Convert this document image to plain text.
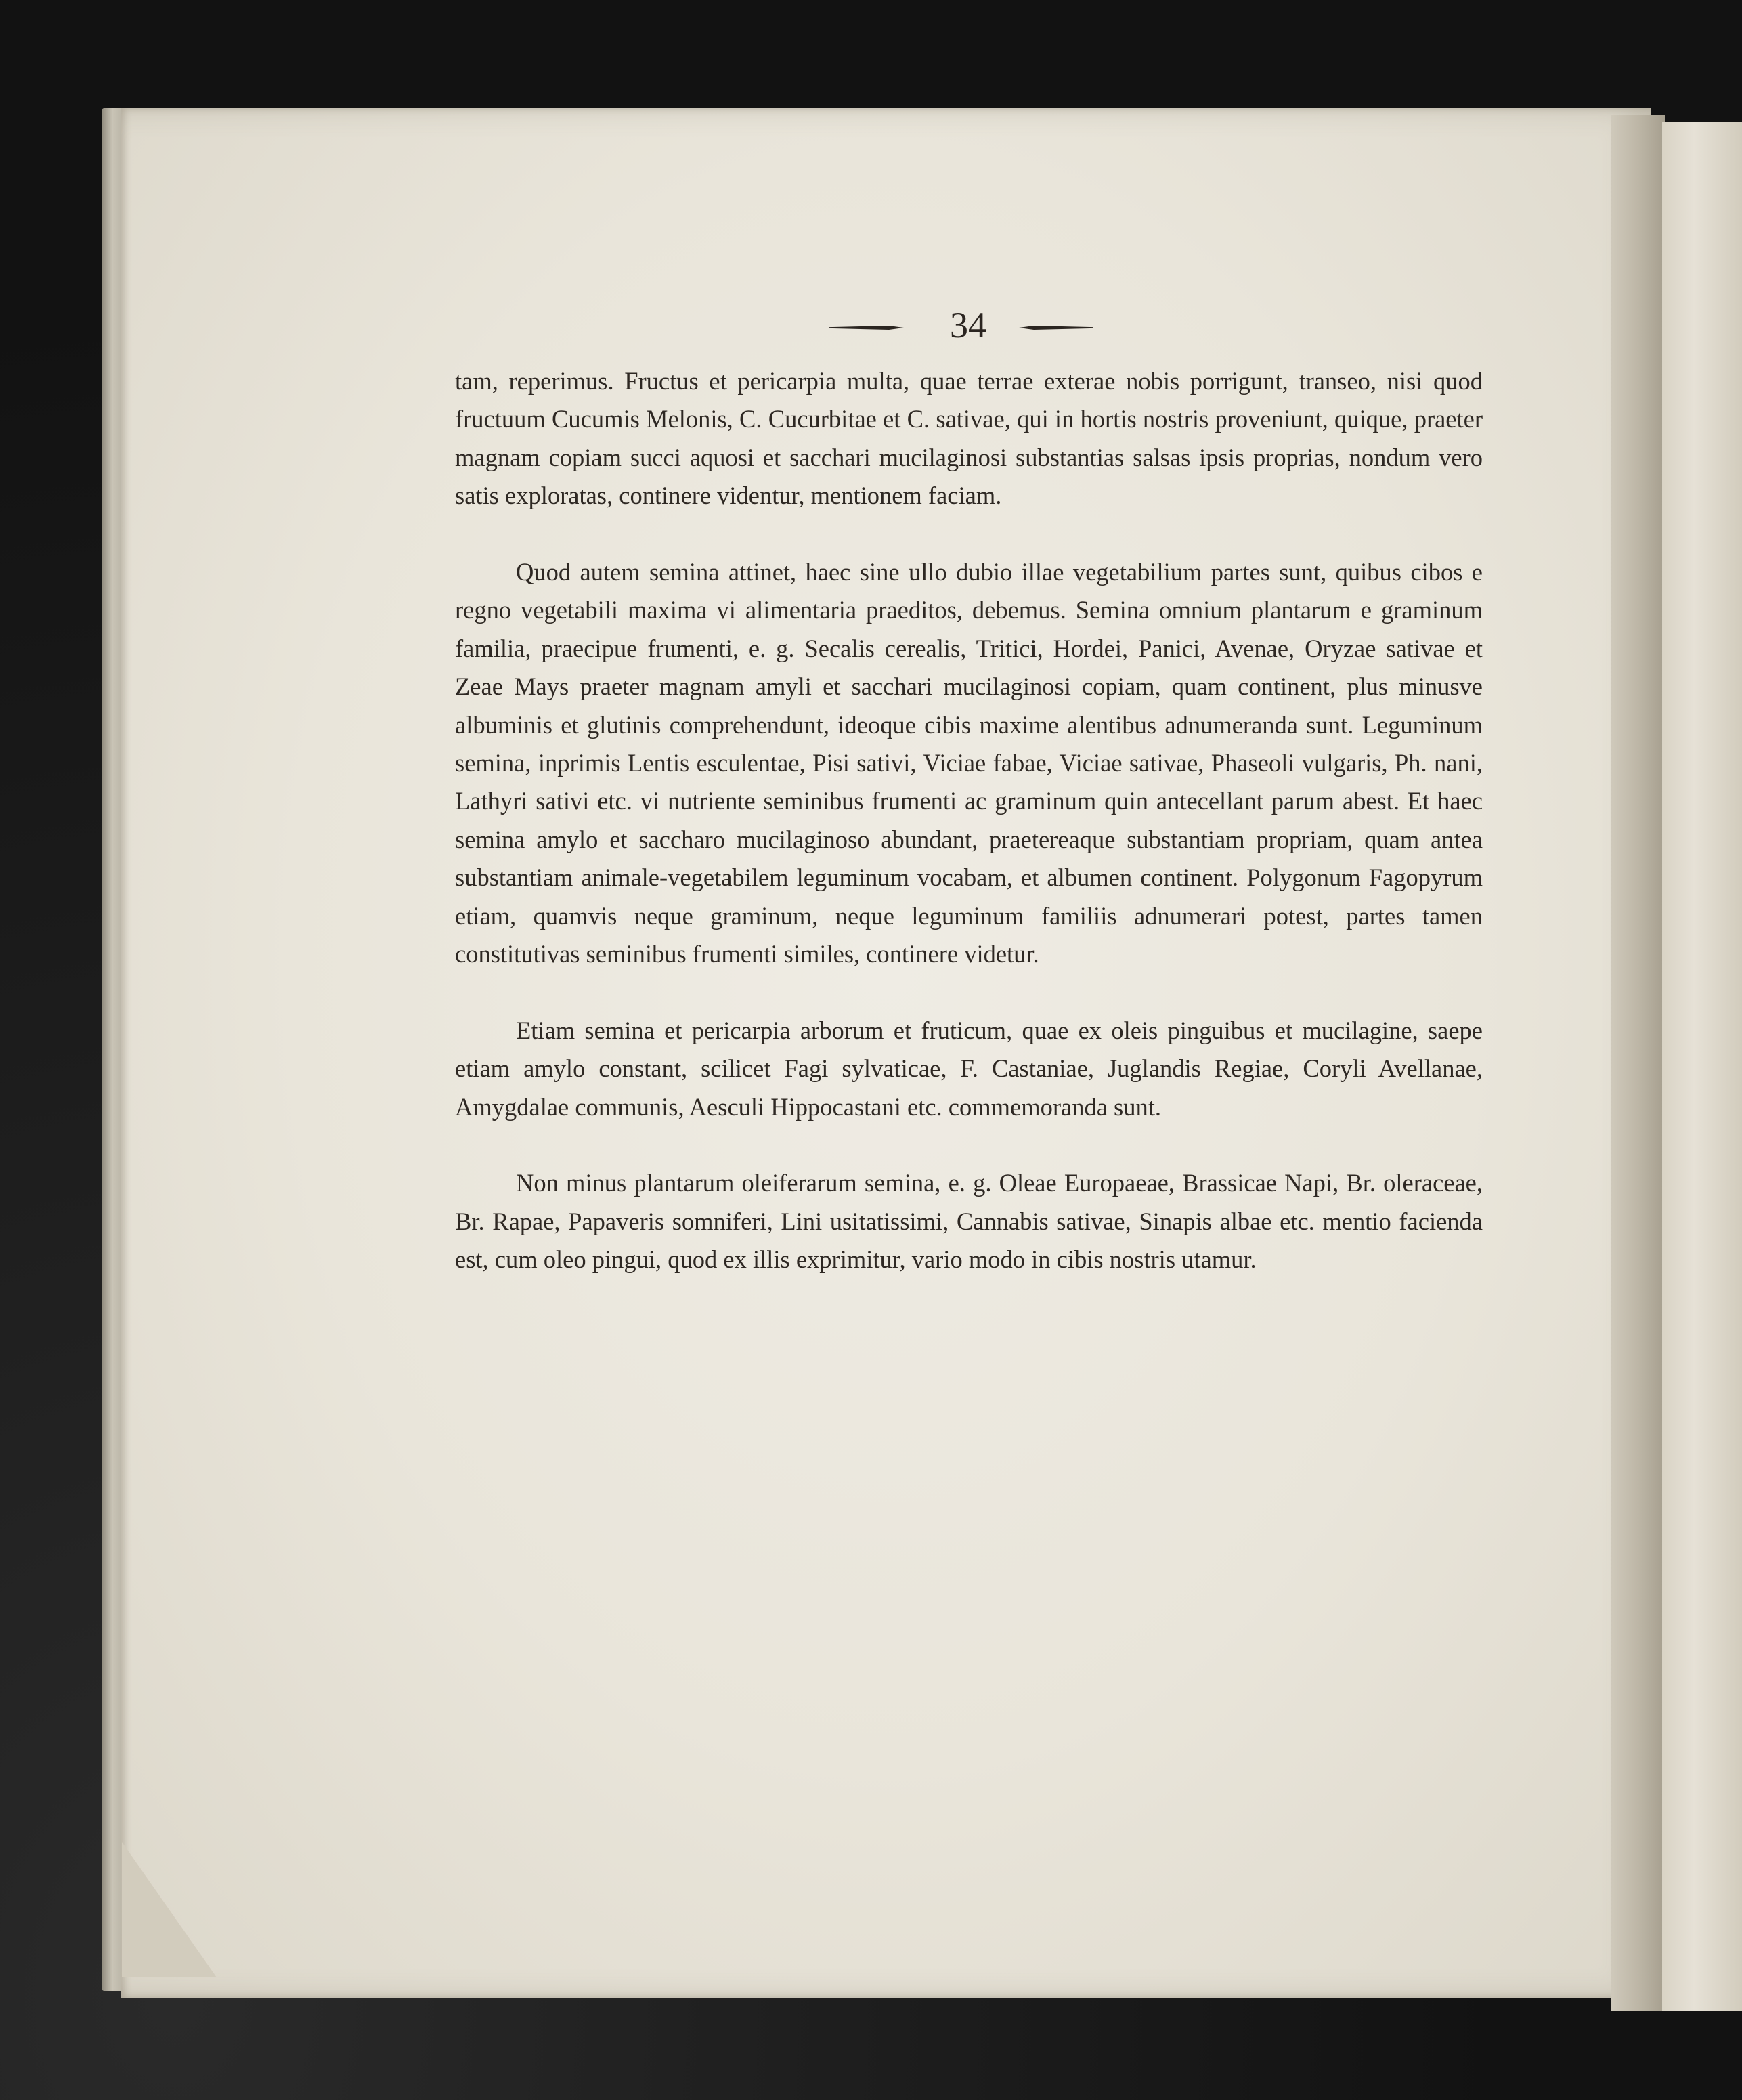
34

tam, reperimus. Fructus et pericarpia multa, quae terrae exterae nobis porrigunt, transeo, nisi quod fructuum Cucumis Melonis, C. Cucurbitae et C. sativae, qui in hortis nostris proveniunt, quique, praeter magnam copiam succi aquosi et sacchari mucilaginosi substantias salsas ipsis proprias, nondum vero satis exploratas, continere videntur, mentionem faciam.

Quod autem semina attinet, haec sine ullo dubio illae vegetabilium partes sunt, quibus cibos e regno vegetabili maxima vi alimentaria praeditos, debemus. Semina omnium plantarum e graminum familia, praecipue frumenti, e. g. Secalis cerealis, Tritici, Hordei, Panici, Avenae, Oryzae sativae et Zeae Mays praeter magnam amyli et sacchari mucilaginosi copiam, quam continent, plus minusve albuminis et glutinis comprehendunt, ideoque cibis maxime alentibus adnumeranda sunt. Leguminum semina, inprimis Lentis esculentae, Pisi sativi, Viciae fabae, Viciae sativae, Phaseoli vulgaris, Ph. nani, Lathyri sativi etc. vi nutriente seminibus frumenti ac graminum quin antecellant parum abest. Et haec semina amylo et saccharo mucilaginoso abundant, praetereaque substantiam propriam, quam antea substantiam animale-vegetabilem leguminum vocabam, et albumen continent. Polygonum Fagopyrum etiam, quamvis neque graminum, neque leguminum familiis adnumerari potest, partes tamen constitutivas seminibus frumenti similes, continere videtur.

Etiam semina et pericarpia arborum et fruticum, quae ex oleis pinguibus et mucilagine, saepe etiam amylo constant, scilicet Fagi sylvaticae, F. Castaniae, Juglandis Regiae, Coryli Avellanae, Amygdalae communis, Aesculi Hippocastani etc. commemoranda sunt.

Non minus plantarum oleiferarum semina, e. g. Oleae Europaeae, Brassicae Napi, Br. oleraceae, Br. Rapae, Papaveris somniferi, Lini usitatissimi, Cannabis sativae, Sinapis albae etc. mentio facienda est, cum oleo pingui, quod ex illis exprimitur, vario modo in cibis nostris utamur.
